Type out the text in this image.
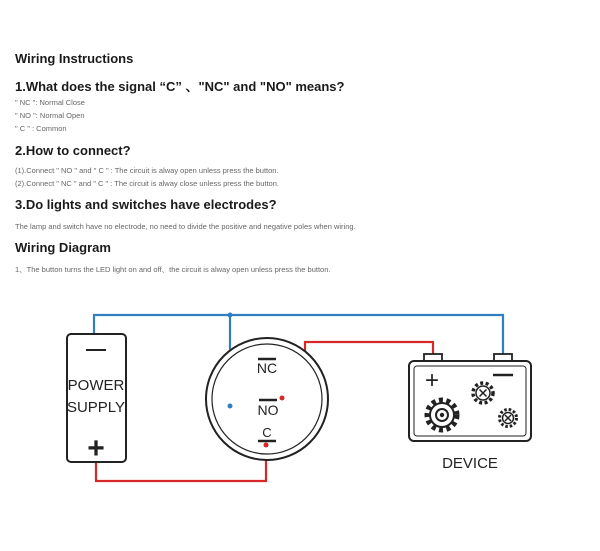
Wiring Instructions
1.What does the signal “C” 、"NC" and "NO" means?
" NC ": Normal Close
" NO ": Normal Open
" C " : Common
2.How to connect?
(1).Connect " NO " and " C " : The circuit is alway open unless press the button.
(2).Connect " NC " and " C " : The circuit is alway close unless press the button.
3.Do lights and switches have electrodes?
The lamp and switch have no electrode, no need to divide the positive and negative poles when wiring.
Wiring Diagram
1、The button turns the LED light on and off、the circuit is alway open unless press the button.
POWER
SUPPLY
+
NC
NO
C
+
DEVICE
